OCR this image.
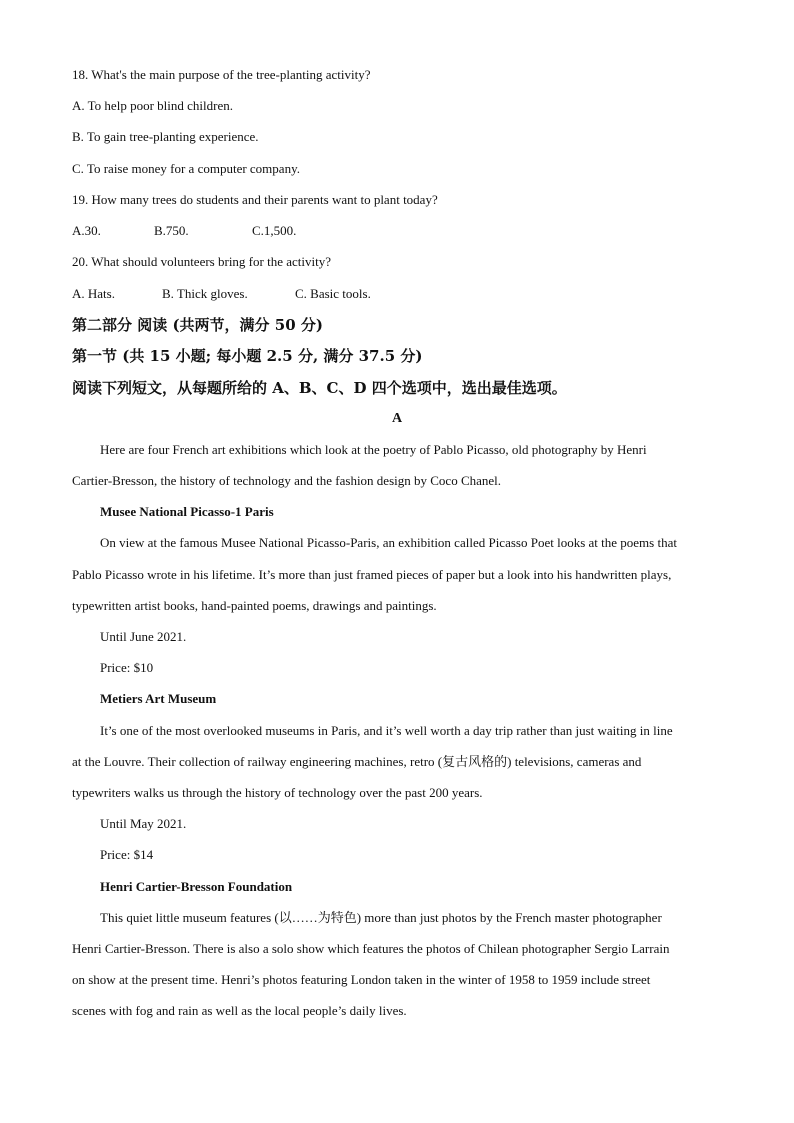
18. What's the main purpose of the tree-planting activity?
A. To help poor blind children.
B. To gain tree-planting experience.
C. To raise money for a computer company.
19. How many trees do students and their parents want to plant today?
A.30.	B.750.	C.1,500.
20. What should volunteers bring for the activity?
A. Hats.	B. Thick gloves.	C. Basic tools.
第二部分 阅读 (共两节，满分 50 分)
第一节 (共 15 小题; 每小题 2.5 分, 满分 37.5 分)
阅读下列短文，从每题所给的 A、B、C、D 四个选项中，选出最佳选项。
A
Here are four French art exhibitions which look at the poetry of Pablo Picasso, old photography by Henri
Cartier-Bresson, the history of technology and the fashion design by Coco Chanel.
Musee National Picasso-1 Paris
On view at the famous Musee National Picasso-Paris, an exhibition called Picasso Poet looks at the poems that
Pablo Picasso wrote in his lifetime. It’s more than just framed pieces of paper but a look into his handwritten plays,
typewritten artist books, hand-painted poems, drawings and paintings.
Until June 2021.
Price: $10
Metiers Art Museum
It’s one of the most overlooked museums in Paris, and it’s well worth a day trip rather than just waiting in line
at the Louvre. Their collection of railway engineering machines, retro (复古风格的) televisions, cameras and
typewriters walks us through the history of technology over the past 200 years.
Until May 2021.
Price: $14
Henri Cartier-Bresson Foundation
This quiet little museum features (以……为特色) more than just photos by the French master photographer
Henri Cartier-Bresson. There is also a solo show which features the photos of Chilean photographer Sergio Larrain
on show at the present time. Henri’s photos featuring London taken in the winter of 1958 to 1959 include street
scenes with fog and rain as well as the local people’s daily lives.
